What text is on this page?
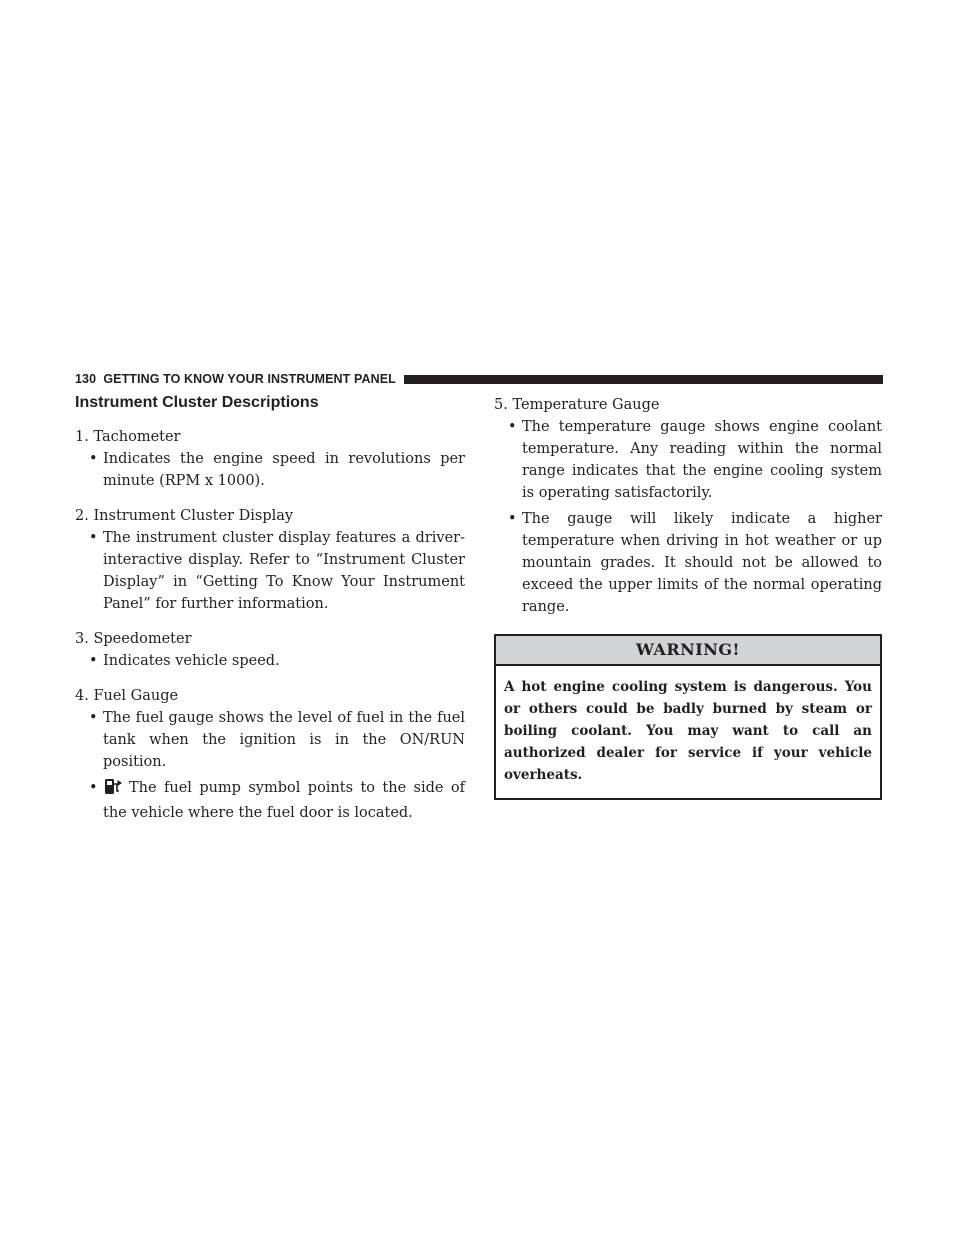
130 GETTING TO KNOW YOUR INSTRUMENT PANEL
Instrument Cluster Descriptions
1. Tachometer
• Indicates the engine speed in revolutions per minute (RPM x 1000).
2. Instrument Cluster Display
• The instrument cluster display features a driver-interactive display. Refer to “Instrument Cluster Display” in “Getting To Know Your Instrument Panel” for further information.
3. Speedometer
• Indicates vehicle speed.
4. Fuel Gauge
• The fuel gauge shows the level of fuel in the fuel tank when the ignition is in the ON/RUN position.
• The fuel pump symbol points to the side of the vehicle where the fuel door is located.
5. Temperature Gauge
• The temperature gauge shows engine coolant temperature. Any reading within the normal range indicates that the engine cooling system is operating satisfactorily.
• The gauge will likely indicate a higher temperature when driving in hot weather or up mountain grades. It should not be allowed to exceed the upper limits of the normal operating range.
WARNING!
A hot engine cooling system is dangerous. You or others could be badly burned by steam or boiling coolant. You may want to call an authorized dealer for service if your vehicle overheats.
